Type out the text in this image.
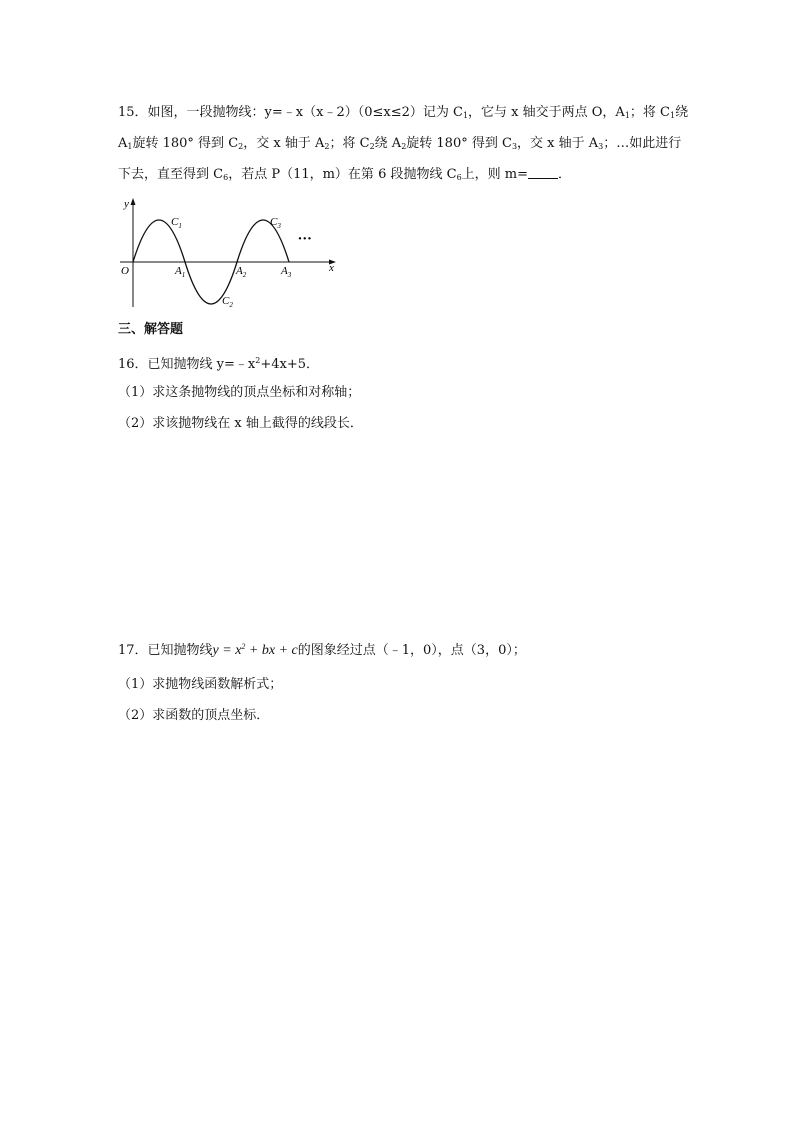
15．如图，一段抛物线：y=﹣x（x﹣2）（0≤x≤2）记为 $C_1$，它与 x 轴交于两点 O，$A_1$；将 $C_1$绕
$A_1$旋转 180° 得到 $C_2$，交 x 轴于 $A_2$；将 $C_2$绕 $A_2$旋转 180° 得到 $C_3$，交 x 轴于 $A_3$；…如此进行
下去，直至得到 $C_6$，若点 P（11，m）在第 6 段抛物线 $C_6$上，则 m= ．
y
x
O
$C_1$
$C_2$
$C_3$
$A_1$	$A_2$	$A_3$
···
三、解答题
16．已知抛物线 $y=﹣x^2+4x+5$．
（1）求这条抛物线的顶点坐标和对称轴；
（2）求该抛物线在 x 轴上截得的线段长．
17．已知抛物线$y = x^2$ + bx + c的图象经过点（﹣1，0），点（3，0）；
（1）求抛物线函数解析式；
（2）求函数的顶点坐标．
